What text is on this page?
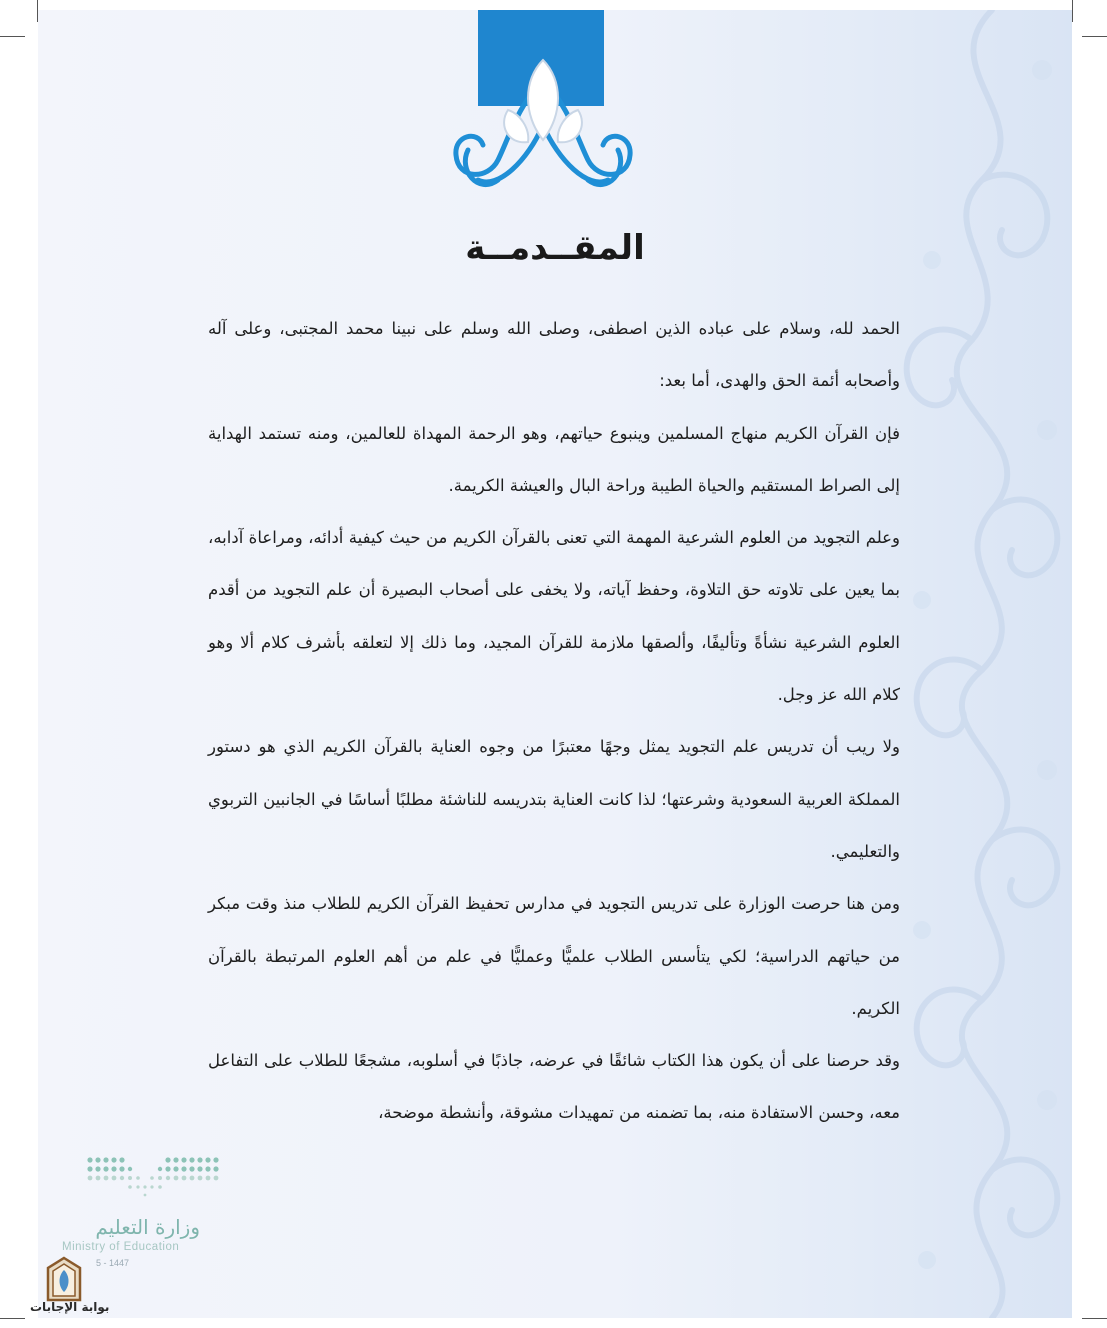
المقــدمــة

الحمد لله، وسلام على عباده الذين اصطفى، وصلى الله وسلم على نبينا محمد المجتبى، وعلى آله وأصحابه أئمة الحق والهدى، أما بعد:

فإن القرآن الكريم منهاج المسلمين وينبوع حياتهم، وهو الرحمة المهداة للعالمين، ومنه تستمد الهداية إلى الصراط المستقيم والحياة الطيبة وراحة البال والعيشة الكريمة.

وعلم التجويد من العلوم الشرعية المهمة التي تعنى بالقرآن الكريم من حيث كيفية أدائه، ومراعاة آدابه، بما يعين على تلاوته حق التلاوة، وحفظ آياته، ولا يخفى على أصحاب البصيرة أن علم التجويد من أقدم العلوم الشرعية نشأةً وتأليفًا، وألصقها ملازمة للقرآن المجيد، وما ذلك إلا لتعلقه بأشرف كلام ألا وهو كلام الله عز وجل.

ولا ريب أن تدريس علم التجويد يمثل وجهًا معتبرًا من وجوه العناية بالقرآن الكريم الذي هو دستور المملكة العربية السعودية وشرعتها؛ لذا كانت العناية بتدريسه للناشئة مطلبًا أساسًا في الجانبين التربوي والتعليمي.

ومن هنا حرصت الوزارة على تدريس التجويد في مدارس تحفيظ القرآن الكريم للطلاب منذ وقت مبكر من حياتهم الدراسية؛ لكي يتأسس الطلاب علميًّا وعمليًّا في علم من أهم العلوم المرتبطة بالقرآن الكريم.

وقد حرصنا على أن يكون هذا الكتاب شائقًا في عرضه، جاذبًا في أسلوبه، مشجعًا للطلاب على التفاعل معه، وحسن الاستفادة منه، بما تضمنه من تمهيدات مشوقة، وأنشطة موضحة،

وزارة التعليم
Ministry of Education
5 - 1447
بوابة الإجابات
